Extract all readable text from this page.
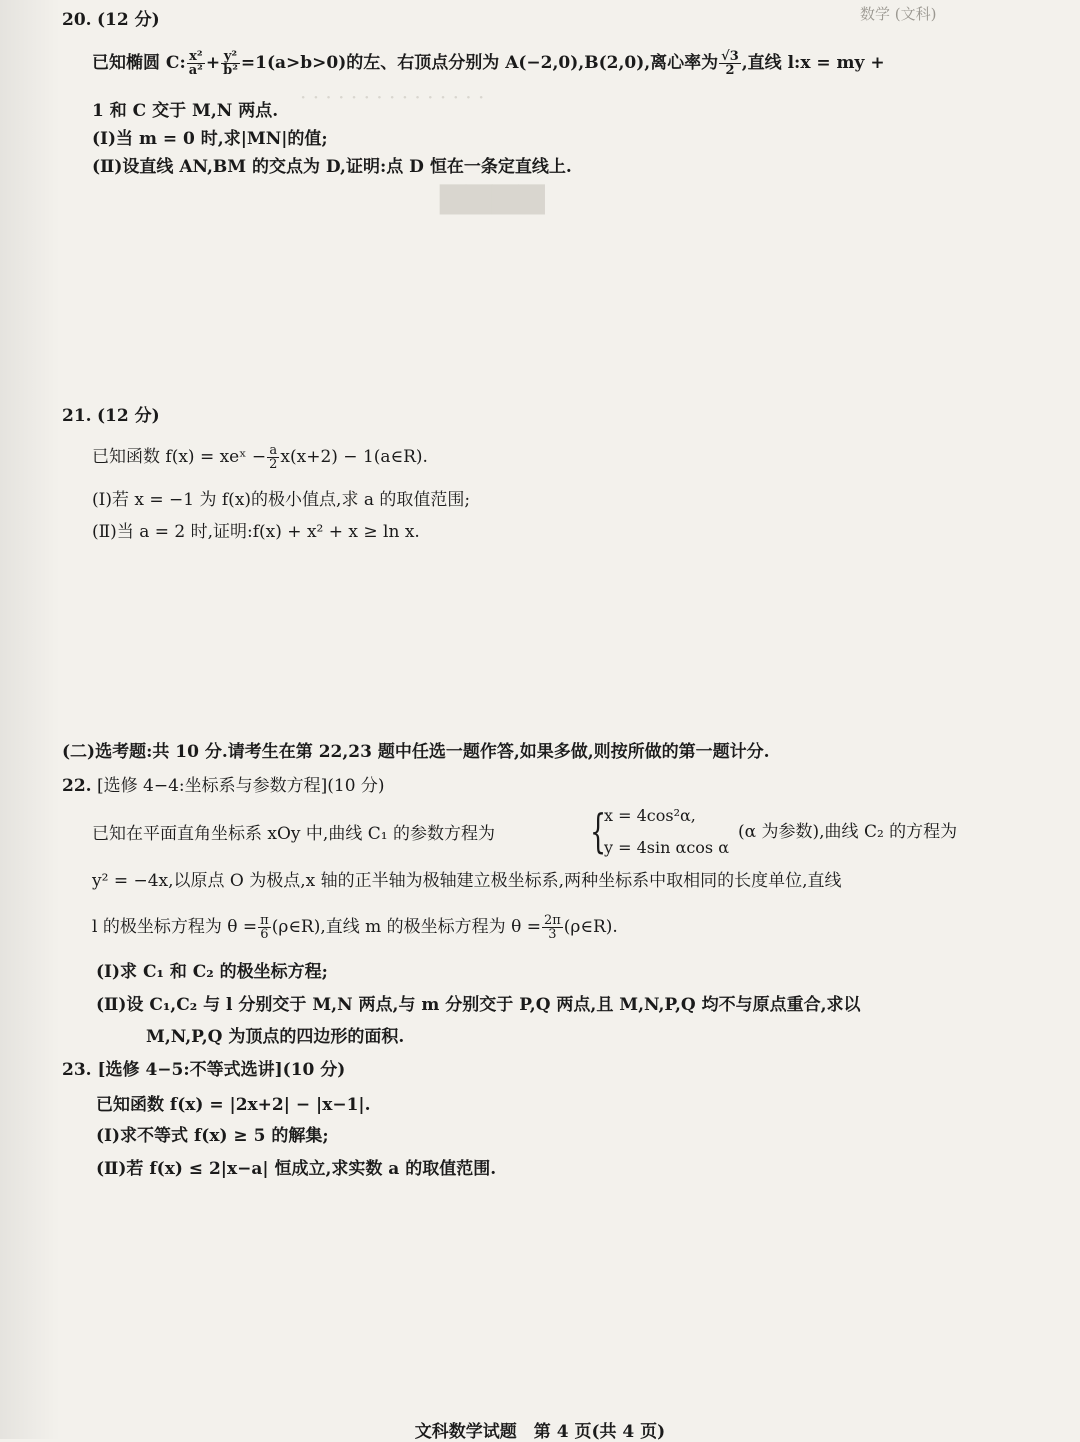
数学 (文科)
20. (12 分)
已知椭圆 C: $\frac{\text{x²}}{\text{a²}} + \frac{\text{y²}}{\text{b²}} =1(a>b>0)$的左、右顶点分别为 A(−2,0),B(2,0),离心率为 $\frac{√3}{2}$ ,直线 l:x = my +
1 和 C 交于 M,N 两点.
(Ⅰ)当 m = 0 时,求|MN|的值;
(Ⅱ)设直线 AN,BM 的交点为 D,证明:点 D 恒在一条定直线上.
· · · · · · · · · · · · · · ·
▆▆▆▆
21. (12 分)
已知函数 f(x) = xeˣ − $\frac{a}{2} x(x+2)$ − 1(a∈R).
(Ⅰ)若 x = −1 为 f(x)的极小值点,求 a 的取值范围;
(Ⅱ)当 a = 2 时,证明:f(x) + x² + x ≥ ln x.
(二)选考题:共 10 分.请考生在第 22,23 题中任选一题作答,如果多做,则按所做的第一题计分.
22. [选修 4−4:坐标系与参数方程](10 分)
已知在平面直角坐标系 xOy 中,曲线 C₁ 的参数方程为 {
x = 4cos²α,
y = 4sin αcos α
(α 为参数),曲线 C₂ 的方程为
y² = −4x,以原点 O 为极点,x 轴的正半轴为极轴建立极坐标系,两种坐标系中取相同的长度单位,直线
l 的极坐标方程为 $\theta = \frac{\pi}{6}$ (ρ∈R),直线 m 的极坐标方程为 $\theta = \frac{2\pi}{3}$ (ρ∈R).
(Ⅰ)求 C₁ 和 C₂ 的极坐标方程;
(Ⅱ)设 C₁,C₂ 与 l 分别交于 M,N 两点,与 m 分别交于 P,Q 两点,且 M,N,P,Q 均不与原点重合,求以
M,N,P,Q 为顶点的四边形的面积.
23. [选修 4−5:不等式选讲](10 分)
已知函数 f(x) = |2x+2| − |x−1|.
(Ⅰ)求不等式 f(x) ≥ 5 的解集;
(Ⅱ)若 f(x) ≤ 2|x−a| 恒成立,求实数 a 的取值范围.
文科数学试题　第 4 页(共 4 页)
